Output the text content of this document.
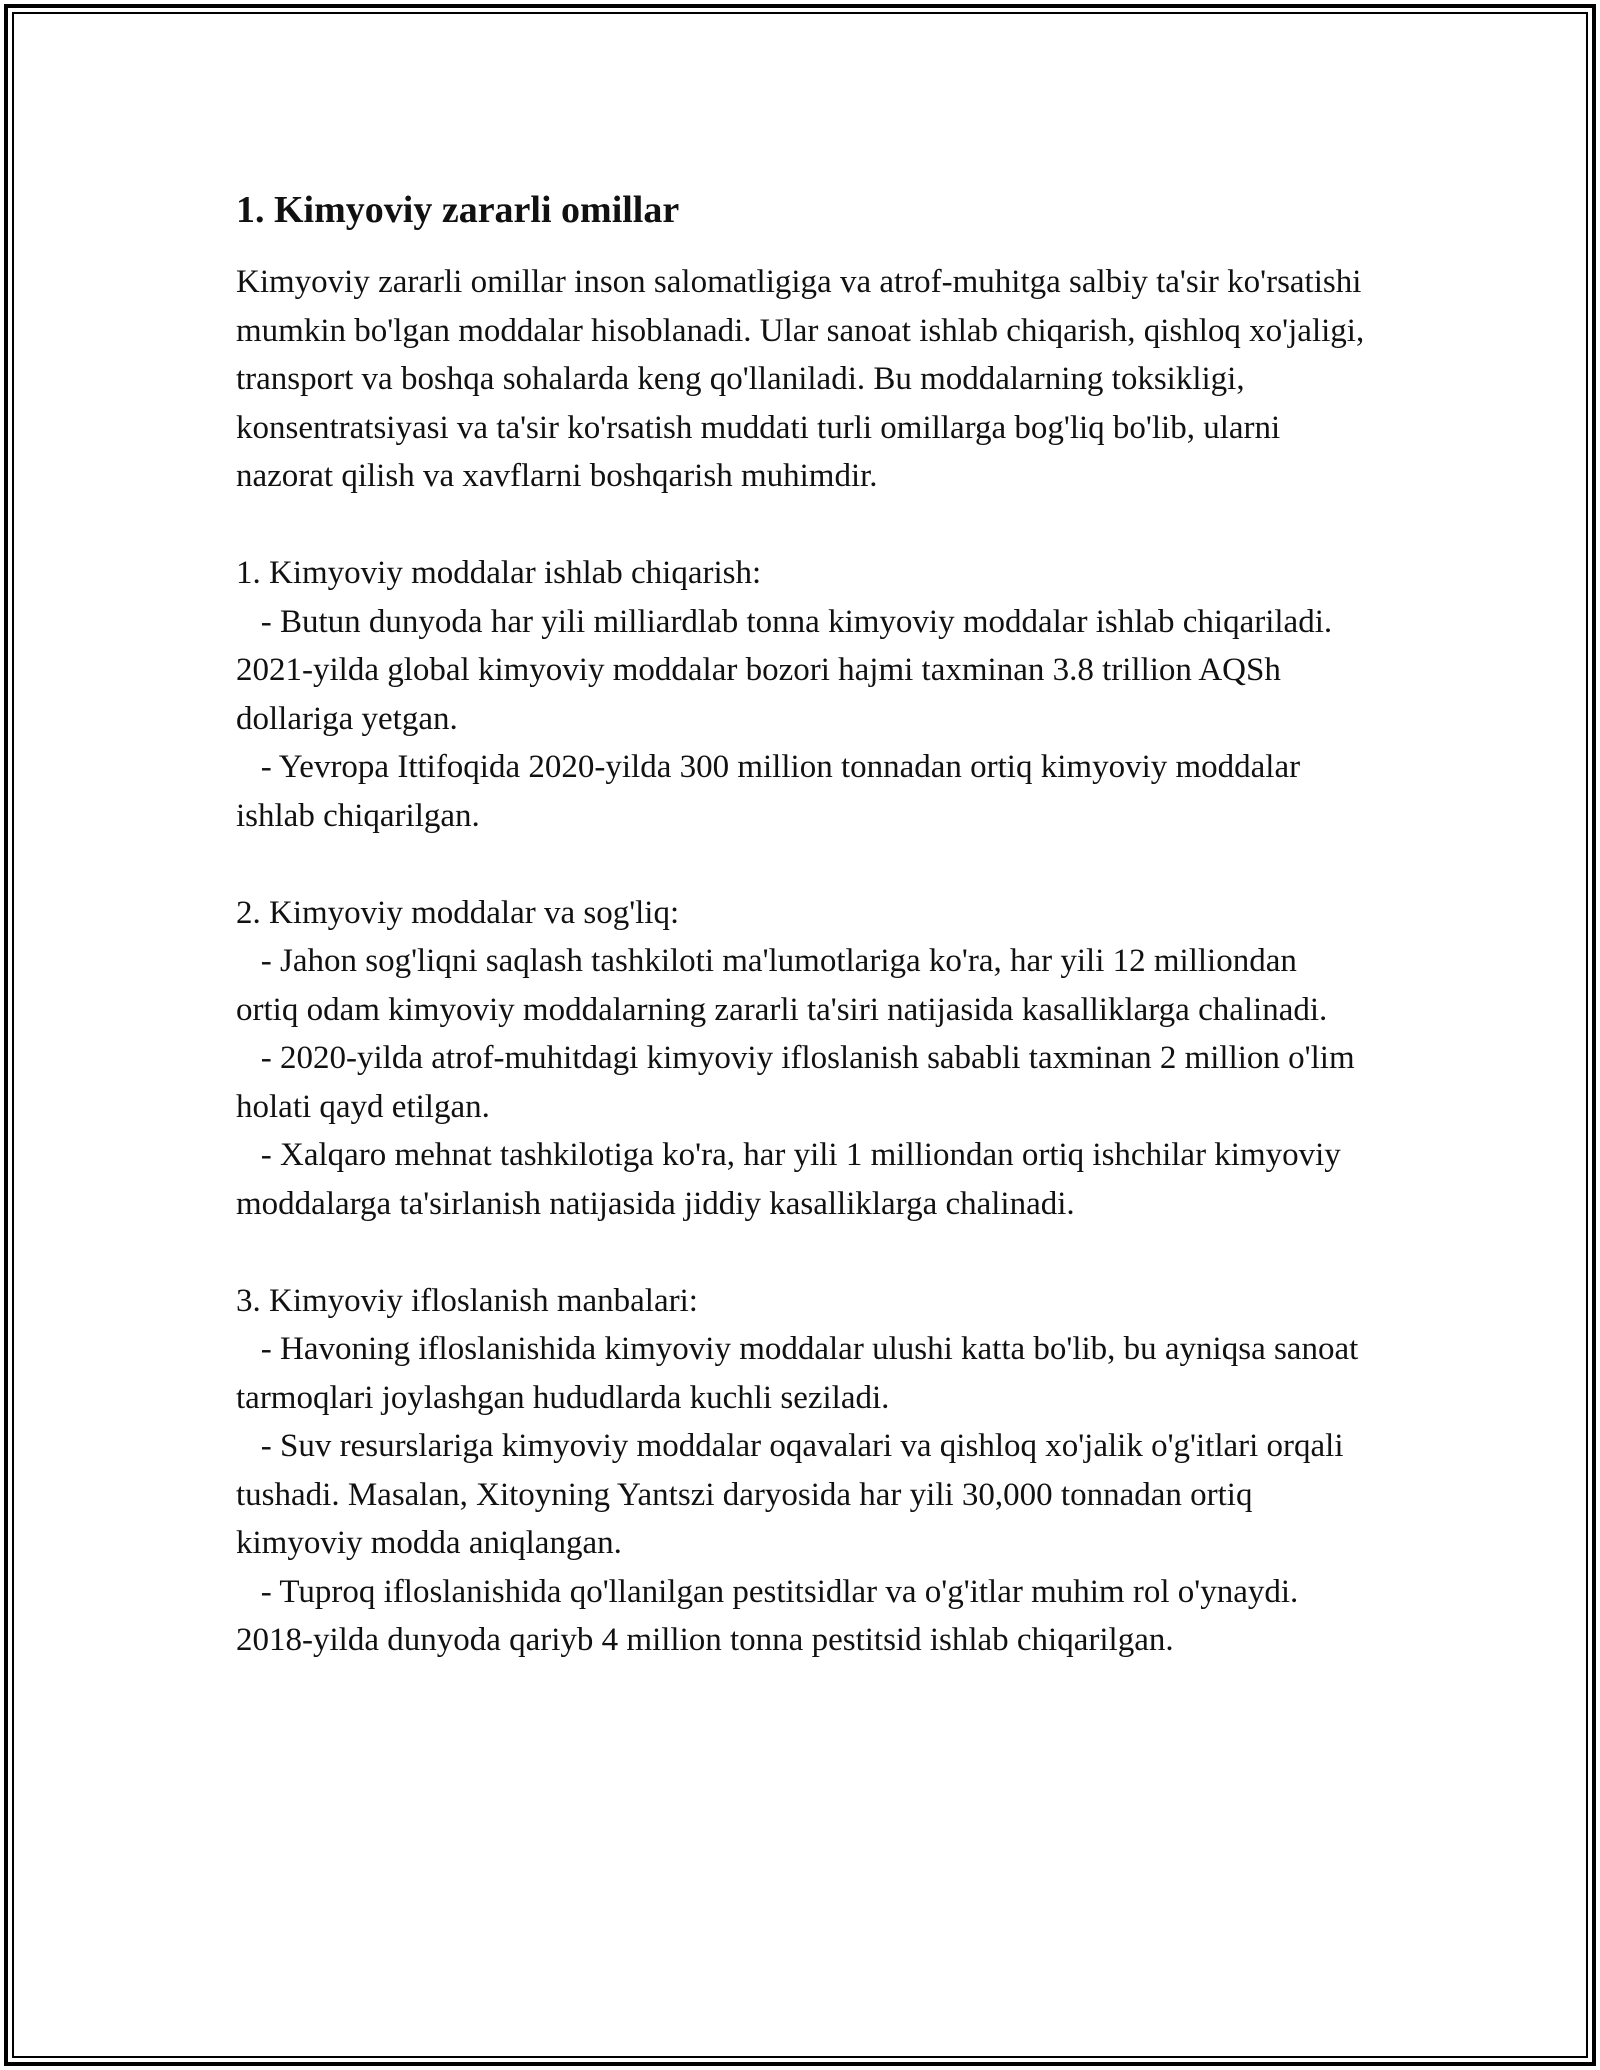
1. Kimyoviy zararli omillar

Kimyoviy zararli omillar inson salomatligiga va atrof-muhitga salbiy ta'sir ko'rsatishi mumkin bo'lgan moddalar hisoblanadi. Ular sanoat ishlab chiqarish, qishloq xo'jaligi, transport va boshqa sohalarda keng qo'llaniladi. Bu moddalarning toksikligi, konsentratsiyasi va ta'sir ko'rsatish muddati turli omillarga bog'liq bo'lib, ularni nazorat qilish va xavflarni boshqarish muhimdir.

1. Kimyoviy moddalar ishlab chiqarish:

- Butun dunyoda har yili milliardlab tonna kimyoviy moddalar ishlab chiqariladi. 2021-yilda global kimyoviy moddalar bozori hajmi taxminan 3.8 trillion AQSh dollariga yetgan.

- Yevropa Ittifoqida 2020-yilda 300 million tonnadan ortiq kimyoviy moddalar ishlab chiqarilgan.

2. Kimyoviy moddalar va sog'liq:

- Jahon sog'liqni saqlash tashkiloti ma'lumotlariga ko'ra, har yili 12 milliondan ortiq odam kimyoviy moddalarning zararli ta'siri natijasida kasalliklarga chalinadi.

- 2020-yilda atrof-muhitdagi kimyoviy ifloslanish sababli taxminan 2 million o'lim holati qayd etilgan.

- Xalqaro mehnat tashkilotiga ko'ra, har yili 1 milliondan ortiq ishchilar kimyoviy moddalarga ta'sirlanish natijasida jiddiy kasalliklarga chalinadi.

3. Kimyoviy ifloslanish manbalari:

- Havoning ifloslanishida kimyoviy moddalar ulushi katta bo'lib, bu ayniqsa sanoat tarmoqlari joylashgan hududlarda kuchli seziladi.

- Suv resurslariga kimyoviy moddalar oqavalari va qishloq xo'jalik o'g'itlari orqali tushadi. Masalan, Xitoyning Yantszi daryosida har yili 30,000 tonnadan ortiq kimyoviy modda aniqlangan.

- Tuproq ifloslanishida qo'llanilgan pestitsidlar va o'g'itlar muhim rol o'ynaydi. 2018-yilda dunyoda qariyb 4 million tonna pestitsid ishlab chiqarilgan.
